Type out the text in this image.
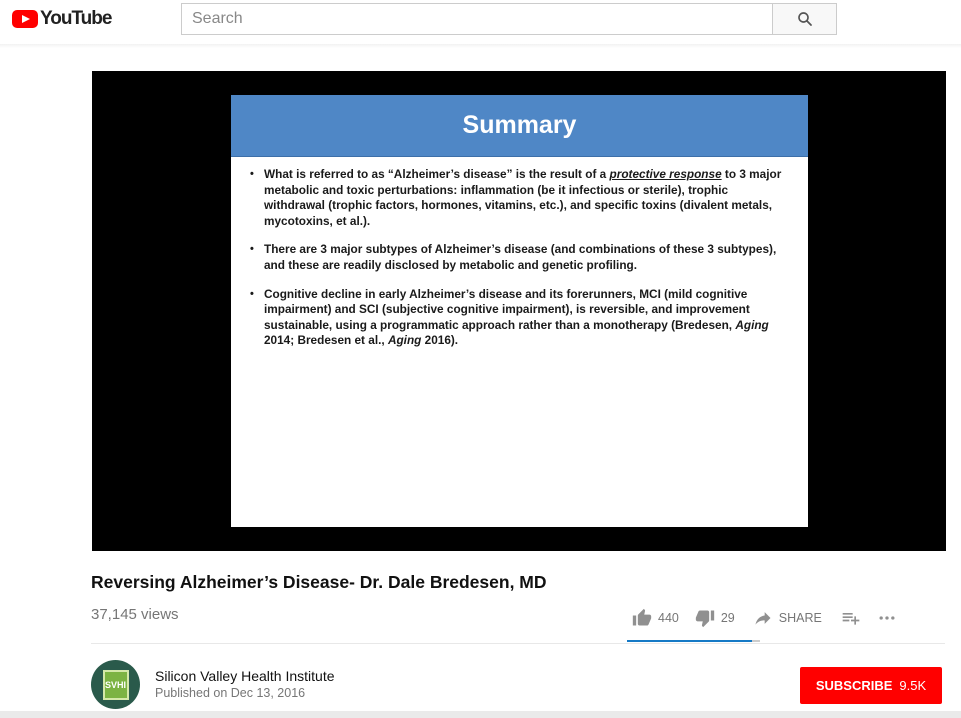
YouTube
Search
Summary
• What is referred to as “Alzheimer’s disease” is the result of a protective response to 3 major metabolic and toxic perturbations: inflammation (be it infectious or sterile), trophic withdrawal (trophic factors, hormones, vitamins, etc.), and specific toxins (divalent metals, mycotoxins, et al.).
• There are 3 major subtypes of Alzheimer’s disease (and combinations of these 3 subtypes), and these are readily disclosed by metabolic and genetic profiling.
• Cognitive decline in early Alzheimer’s disease and its forerunners, MCI (mild cognitive impairment) and SCI (subjective cognitive impairment), is reversible, and improvement sustainable, using a programmatic approach rather than a monotherapy (Bredesen, Aging 2014; Bredesen et al., Aging 2016).
Reversing Alzheimer’s Disease- Dr. Dale Bredesen, MD
37,145 views	440	29	SHARE
SVHI
Silicon Valley Health Institute
Published on Dec 13, 2016	SUBSCRIBE 9.5K
